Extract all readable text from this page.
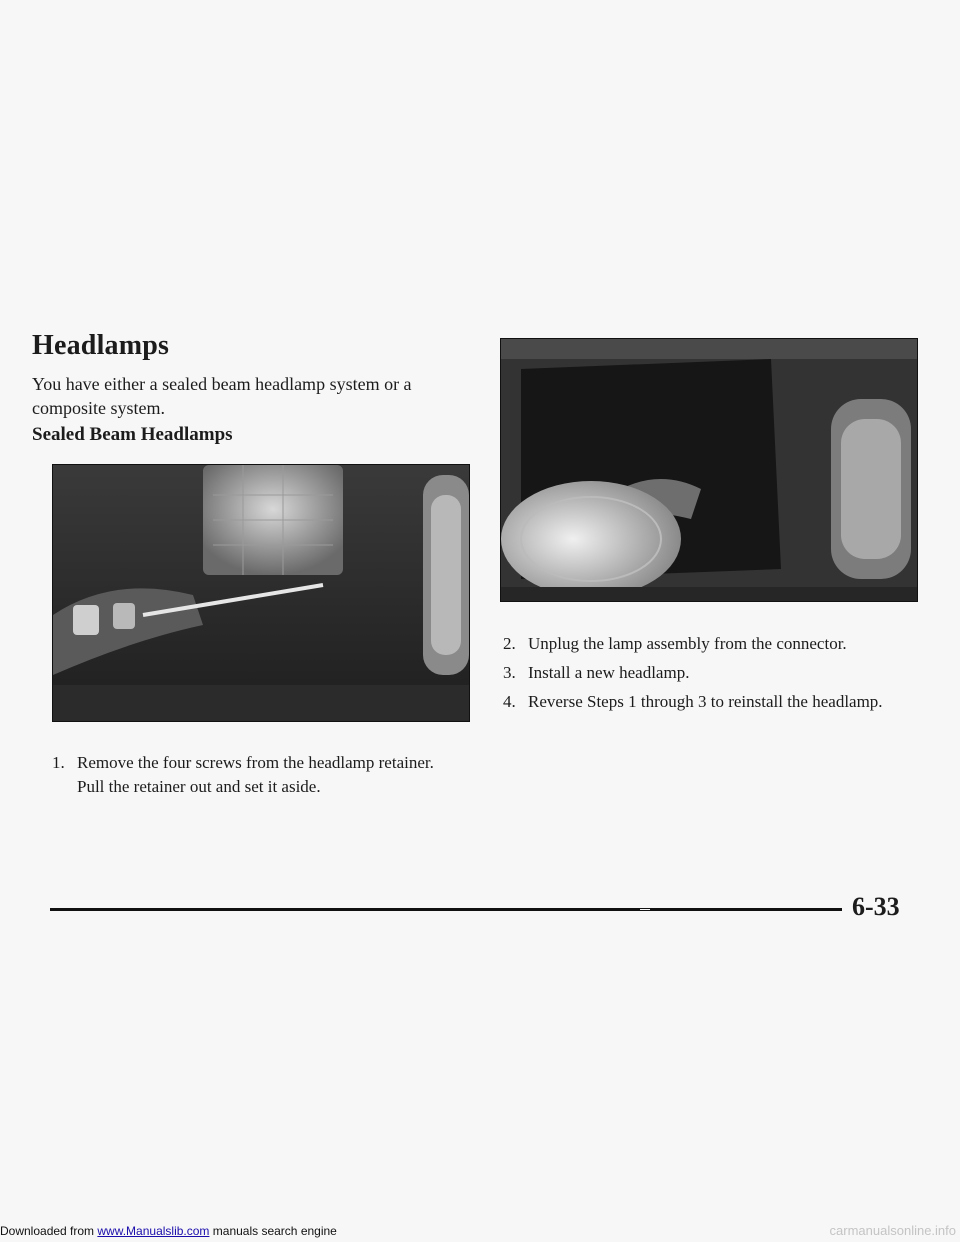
Headlamps
You have either a sealed beam headlamp system or a composite system.
Sealed Beam Headlamps
1. Remove the four screws from the headlamp retainer.
Pull the retainer out and set it aside.
2. Unplug the lamp assembly from the connector.
3. Install a new headlamp.
4. Reverse Steps 1 through 3 to reinstall the headlamp.
6-33
Downloaded from www.Manualslib.com manuals search engine	carmanualsonline.info
